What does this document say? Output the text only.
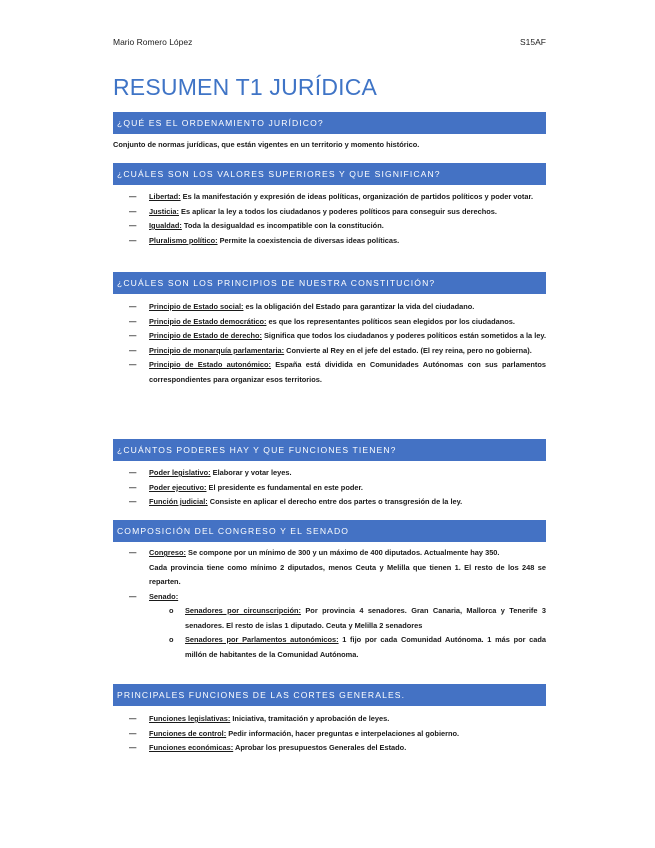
Mario Romero López	S15AF
RESUMEN T1 JURÍDICA
¿QUÉ ES EL ORDENAMIENTO JURÍDICO?
Conjunto de normas jurídicas, que están vigentes en un territorio y momento histórico.
¿CUÁLES SON LOS VALORES SUPERIORES Y QUE SIGNIFICAN?
— Libertad: Es la manifestación y expresión de ideas políticas, organización de partidos políticos y poder votar.
— Justicia: Es aplicar la ley a todos los ciudadanos y poderes políticos para conseguir sus derechos.
— Igualdad: Toda la desigualdad es incompatible con la constitución.
— Pluralismo político: Permite la coexistencia de diversas ideas políticas.
¿CUÁLES SON LOS PRINCIPIOS DE NUESTRA CONSTITUCIÓN?
— Principio de Estado social: es la obligación del Estado para garantizar la vida del ciudadano.
— Principio de Estado democrático: es que los representantes políticos sean elegidos por los ciudadanos.
— Principio de Estado de derecho: Significa que todos los ciudadanos y poderes políticos están sometidos a la ley.
— Principio de monarquía parlamentaria: Convierte al Rey en el jefe del estado. (El rey reina, pero no gobierna).
— Principio de Estado autonómico: España está dividida en Comunidades Autónomas con sus parlamentos correspondientes para organizar esos territorios.
¿CUÁNTOS PODERES HAY Y QUE FUNCIONES TIENEN?
— Poder legislativo: Elaborar y votar leyes.
— Poder ejecutivo: El presidente es fundamental en este poder.
— Función judicial: Consiste en aplicar el derecho entre dos partes o transgresión de la ley.
COMPOSICIÓN DEL CONGRESO Y EL SENADO
— Congreso: Se compone por un mínimo de 300 y un máximo de 400 diputados. Actualmente hay 350.
Cada provincia tiene como mínimo 2 diputados, menos Ceuta y Melilla que tienen 1. El resto de los 248 se reparten.
— Senado:
o Senadores por circunscripción: Por provincia 4 senadores. Gran Canaria, Mallorca y Tenerife 3 senadores. El resto de islas 1 diputado. Ceuta y Melilla 2 senadores
o Senadores por Parlamentos autonómicos: 1 fijo por cada Comunidad Autónoma. 1 más por cada millón de habitantes de la Comunidad Autónoma.
PRINCIPALES FUNCIONES DE LAS CORTES GENERALES.
— Funciones legislativas: Iniciativa, tramitación y aprobación de leyes.
— Funciones de control: Pedir información, hacer preguntas e interpelaciones al gobierno.
— Funciones económicas: Aprobar los presupuestos Generales del Estado.
